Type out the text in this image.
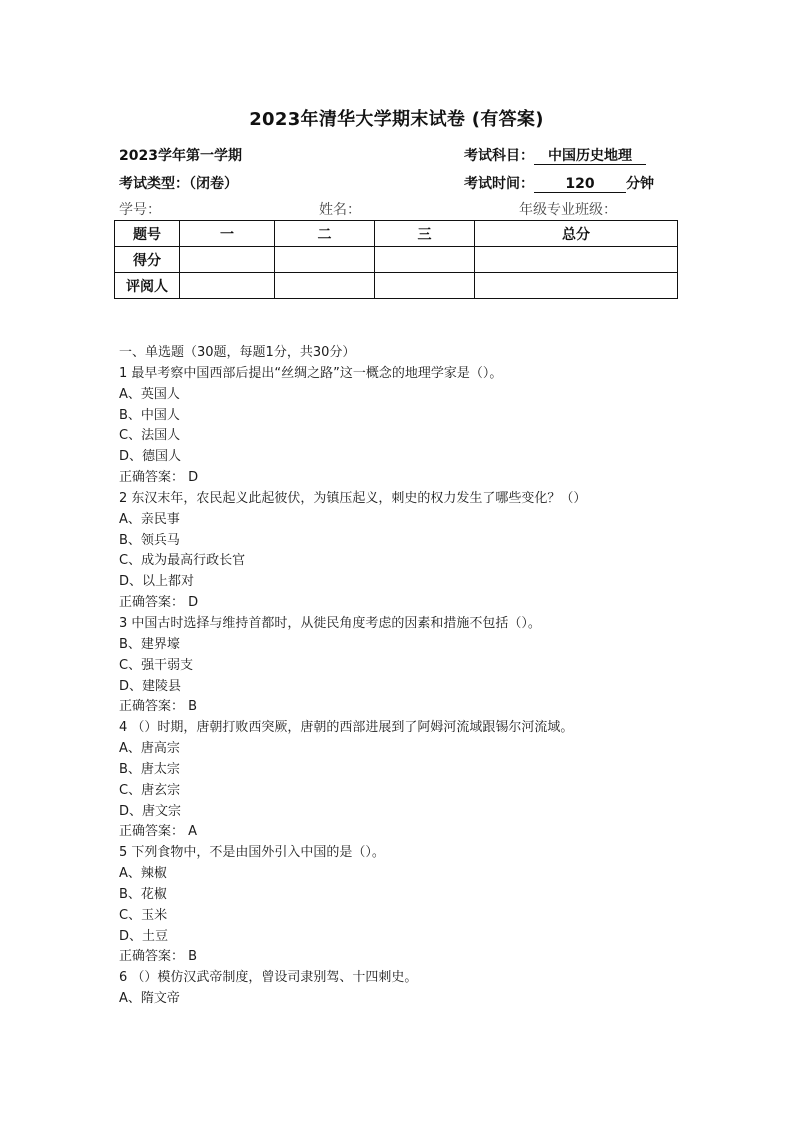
2023年清华大学期末试卷 (有答案)
2023学年第一学期	考试科目： 中国历史地理
考试类型：（闭卷）	考试时间： 120 分钟
学号：	姓名：	年级专业班级：
题号	一	二	三	总分
得分				
评阅人				
一、单选题（30题，每题1分，共30分）
1 最早考察中国西部后提出“丝绸之路”这一概念的地理学家是（）。
A、英国人
B、中国人
C、法国人
D、德国人
正确答案： D
2 东汉末年，农民起义此起彼伏，为镇压起义，刺史的权力发生了哪些变化？（）
A、亲民事
B、领兵马
C、成为最高行政长官
D、以上都对
正确答案： D
3 中国古时选择与维持首都时，从徙民角度考虑的因素和措施不包括（）。
B、建界壕
C、强干弱支
D、建陵县
正确答案： B
4 （）时期，唐朝打败西突厥，唐朝的西部进展到了阿姆河流域跟锡尔河流域。
A、唐高宗
B、唐太宗
C、唐玄宗
D、唐文宗
正确答案： A
5 下列食物中，不是由国外引入中国的是（）。
A、辣椒
B、花椒
C、玉米
D、土豆
正确答案： B
6 （）模仿汉武帝制度，曾设司隶别驾、十四刺史。
A、隋文帝
